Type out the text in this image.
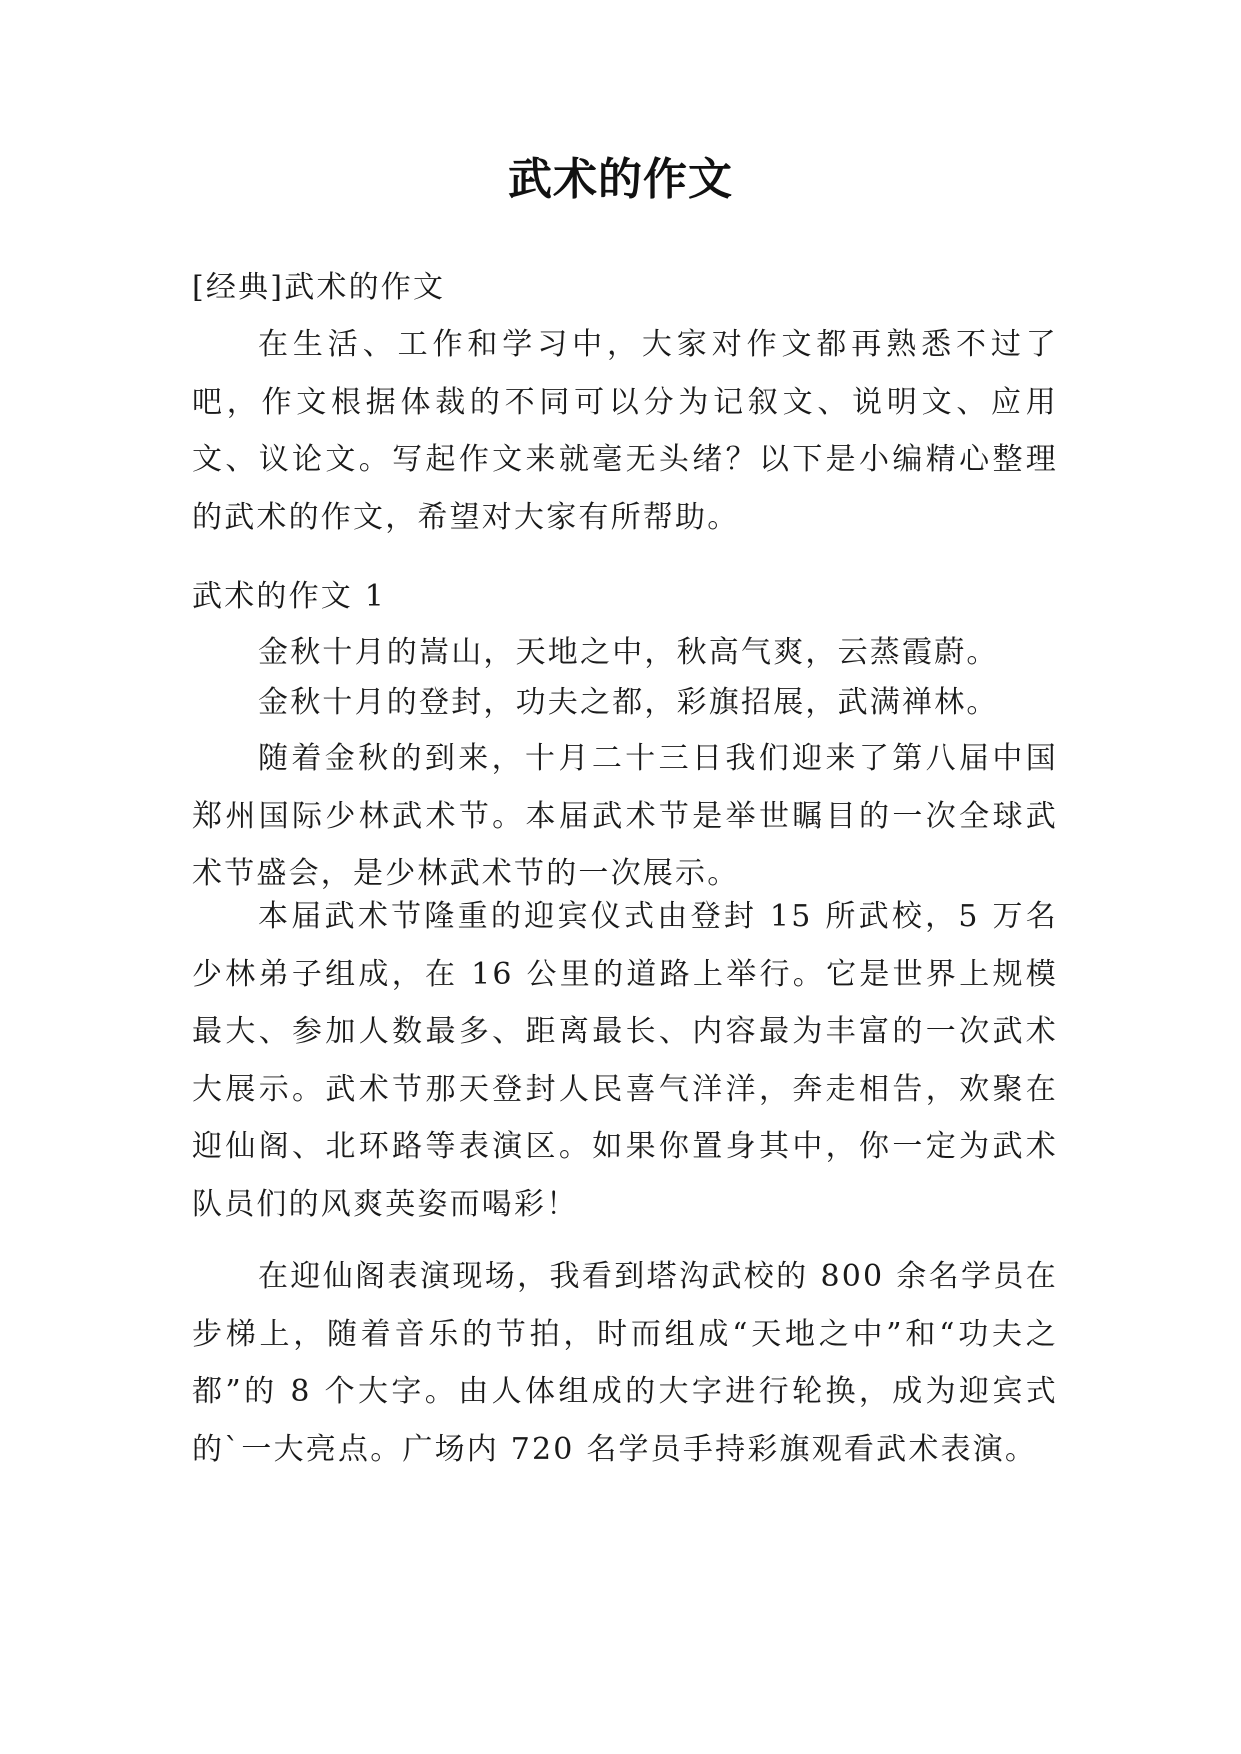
武术的作文

[经典]武术的作文

在生活、工作和学习中，大家对作文都再熟悉不过了吧，作文根据体裁的不同可以分为记叙文、说明文、应用文、议论文。写起作文来就毫无头绪？以下是小编精心整理的武术的作文，希望对大家有所帮助。

武术的作文 1

金秋十月的嵩山，天地之中，秋高气爽，云蒸霞蔚。

金秋十月的登封，功夫之都，彩旗招展，武满禅林。

随着金秋的到来，十月二十三日我们迎来了第八届中国郑州国际少林武术节。本届武术节是举世瞩目的一次全球武术节盛会，是少林武术节的一次展示。

本届武术节隆重的迎宾仪式由登封 15 所武校，5 万名少林弟子组成，在 16 公里的道路上举行。它是世界上规模最大、参加人数最多、距离最长、内容最为丰富的一次武术大展示。武术节那天登封人民喜气洋洋，奔走相告，欢聚在迎仙阁、北环路等表演区。如果你置身其中，你一定为武术队员们的风爽英姿而喝彩！

在迎仙阁表演现场，我看到塔沟武校的 800 余名学员在步梯上，随着音乐的节拍，时而组成“天地之中”和“功夫之都”的 8 个大字。由人体组成的大字进行轮换，成为迎宾式的`一大亮点。广场内 720 名学员手持彩旗观看武术表演。
